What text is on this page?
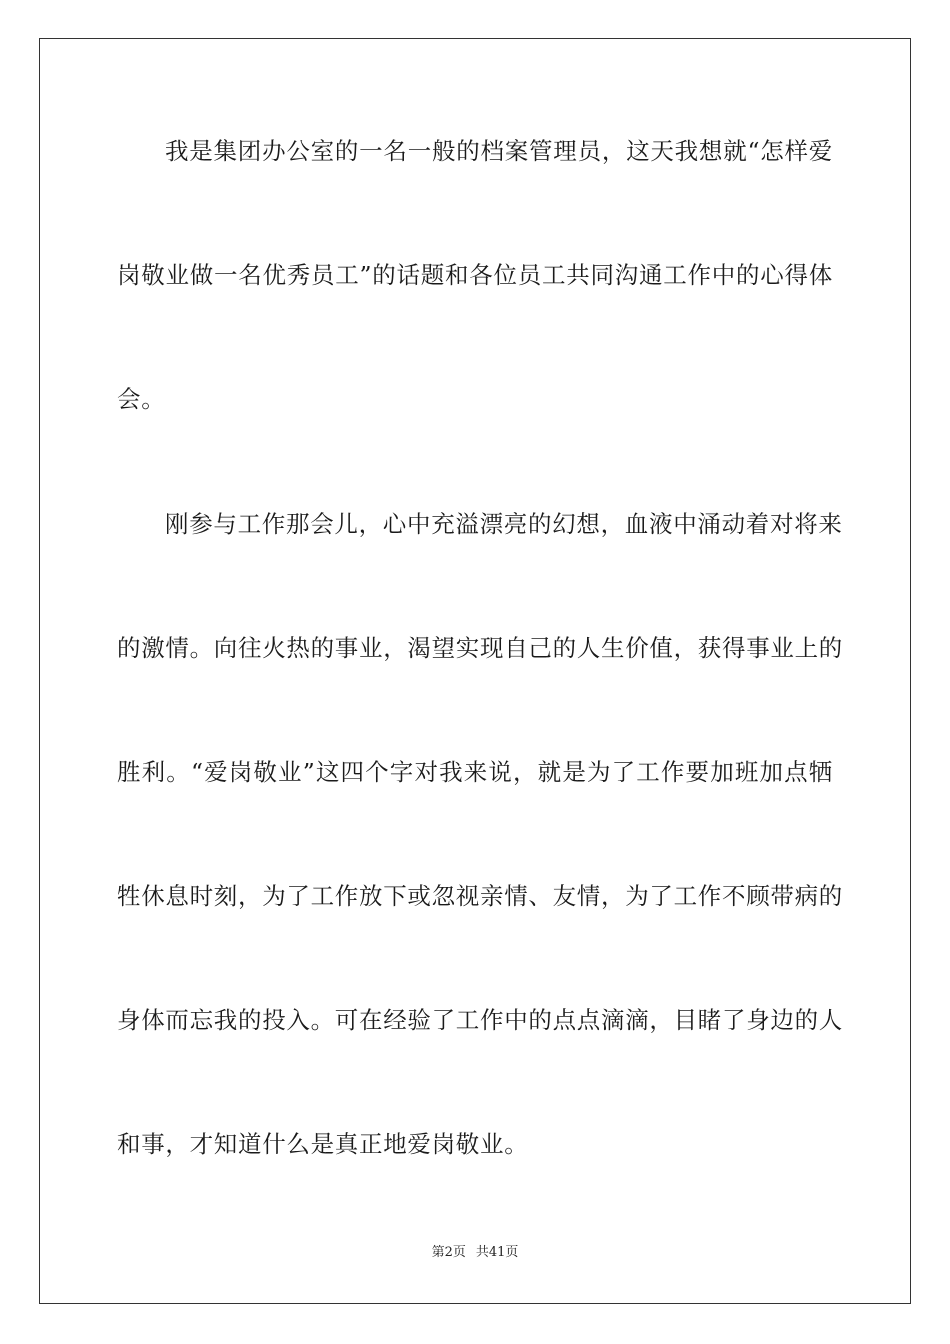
我是集团办公室的一名一般的档案管理员，这天我想就“怎样爱
岗敬业做一名优秀员工”的话题和各位员工共同沟通工作中的心得体
会。
刚参与工作那会儿，心中充溢漂亮的幻想，血液中涌动着对将来
的激情。向往火热的事业，渴望实现自己的人生价值，获得事业上的
胜利。“爱岗敬业”这四个字对我来说，就是为了工作要加班加点牺
牲休息时刻，为了工作放下或忽视亲情、友情，为了工作不顾带病的
身体而忘我的投入。可在经验了工作中的点点滴滴，目睹了身边的人
和事，才知道什么是真正地爱岗敬业。
第2页 共41页
